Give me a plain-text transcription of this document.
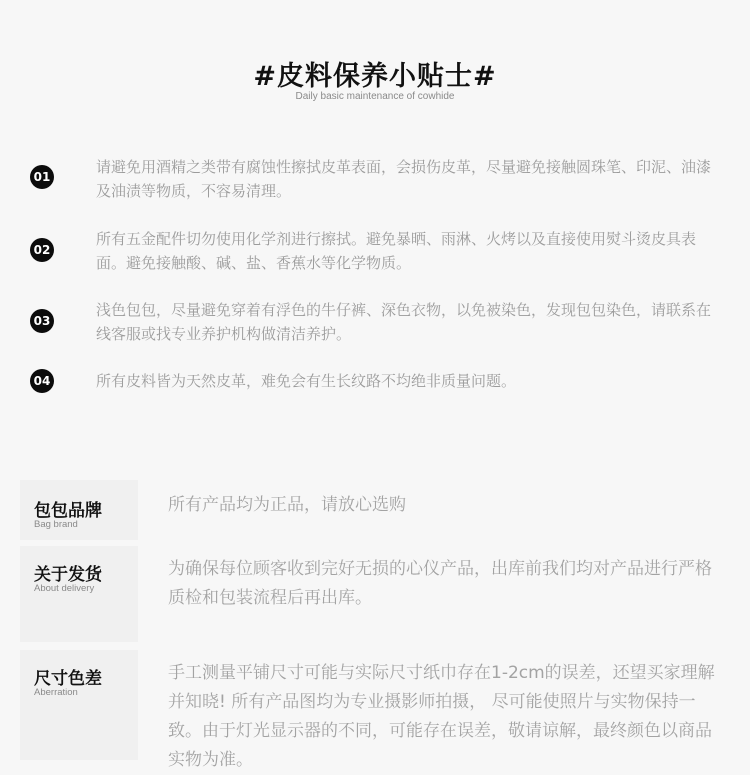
#皮料保养小贴士#
Daily basic maintenance of cowhide
01
请避免用酒精之类带有腐蚀性擦拭皮革表面，会损伤皮革，尽量避免接触圆珠笔、印泥、油漆及油渍等物质，不容易清理。
02
所有五金配件切勿使用化学剂进行擦拭。避免暴晒、雨淋、火烤以及直接使用熨斗烫皮具表面。避免接触酸、碱、盐、香蕉水等化学物质。
03
浅色包包，尽量避免穿着有浮色的牛仔裤、深色衣物，以免被染色，发现包包染色，请联系在线客服或找专业养护机构做清洁养护。
04	所有皮料皆为天然皮革，难免会有生长纹路不均绝非质量问题。
包包品牌
Bag brand
所有产品均为正品，请放心选购
关于发货
About delivery
为确保每位顾客收到完好无损的心仪产品，出库前我们均对产品进行严格质检和包装流程后再出库。
尺寸色差
Aberration
手工测量平铺尺寸可能与实际尺寸纸巾存在1-2cm的误差，还望买家理解并知晓! 所有产品图均为专业摄影师拍摄， 尽可能使照片与实物保持一致。由于灯光显示器的不同，可能存在误差，敬请谅解，最终颜色以商品实物为准。
